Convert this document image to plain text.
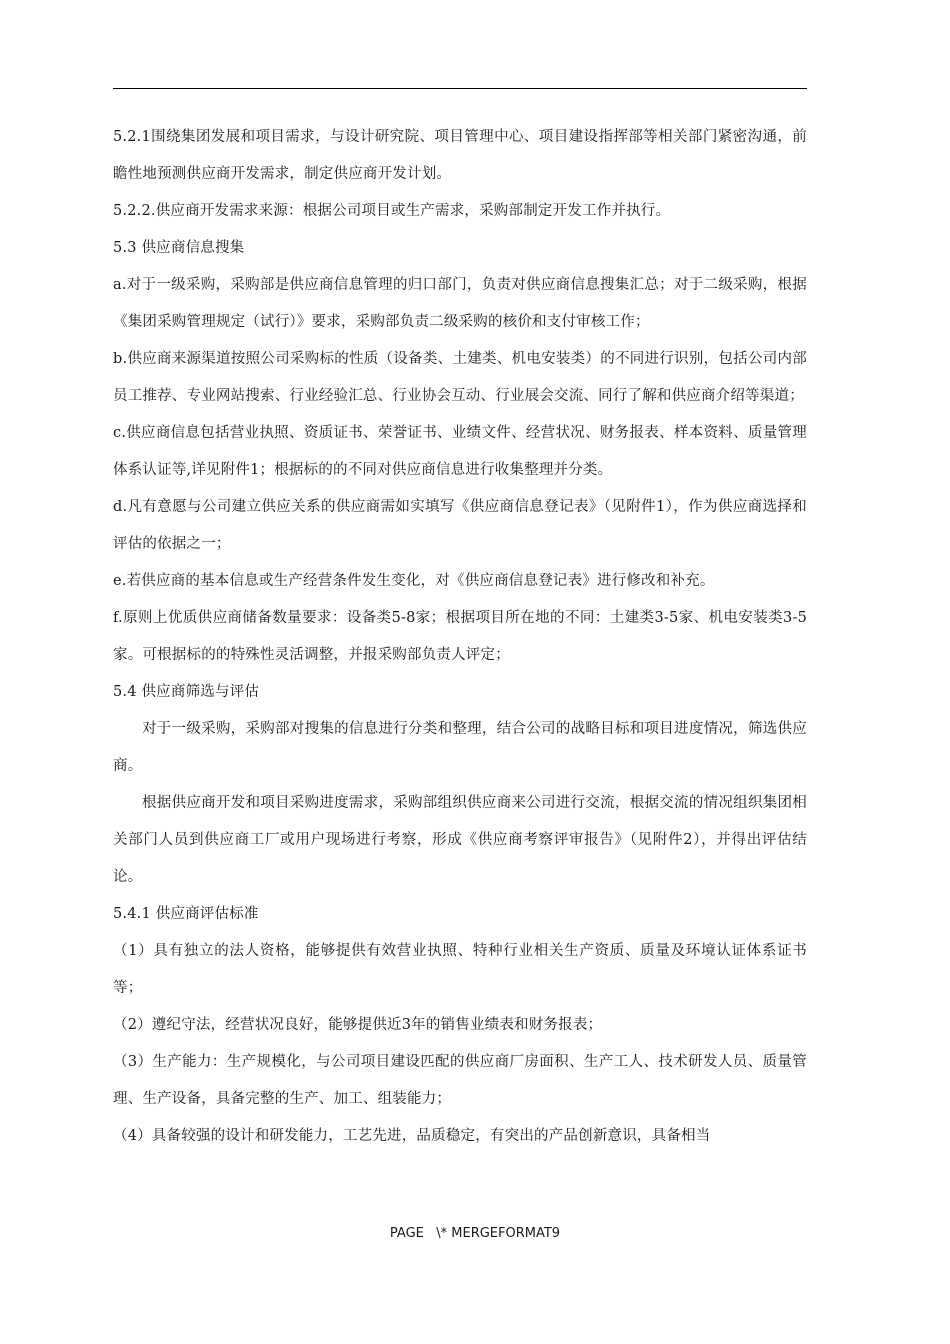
5.2.1围绕集团发展和项目需求，与设计研究院、项目管理中心、项目建设指挥部等相关部门紧密沟通，前瞻性地预测供应商开发需求，制定供应商开发计划。

5.2.2.供应商开发需求来源：根据公司项目或生产需求，采购部制定开发工作并执行。

5.3 供应商信息搜集

a.对于一级采购，采购部是供应商信息管理的归口部门，负责对供应商信息搜集汇总；对于二级采购，根据《集团采购管理规定（试行）》要求，采购部负责二级采购的核价和支付审核工作；

b.供应商来源渠道按照公司采购标的性质（设备类、土建类、机电安装类）的不同进行识别，包括公司内部员工推荐、专业网站搜索、行业经验汇总、行业协会互动、行业展会交流、同行了解和供应商介绍等渠道；

c.供应商信息包括营业执照、资质证书、荣誉证书、业绩文件、经营状况、财务报表、样本资料、质量管理体系认证等,详见附件1；根据标的的不同对供应商信息进行收集整理并分类。

d.凡有意愿与公司建立供应关系的供应商需如实填写《供应商信息登记表》（见附件1），作为供应商选择和评估的依据之一；

e.若供应商的基本信息或生产经营条件发生变化，对《供应商信息登记表》进行修改和补充。

f.原则上优质供应商储备数量要求：设备类5-8家；根据项目所在地的不同：土建类3-5家、机电安装类3-5家。可根据标的的特殊性灵活调整，并报采购部负责人评定；

5.4 供应商筛选与评估

对于一级采购，采购部对搜集的信息进行分类和整理，结合公司的战略目标和项目进度情况，筛选供应商。

根据供应商开发和项目采购进度需求，采购部组织供应商来公司进行交流，根据交流的情况组织集团相关部门人员到供应商工厂或用户现场进行考察，形成《供应商考察评审报告》（见附件2），并得出评估结论。

5.4.1 供应商评估标准

（1）具有独立的法人资格，能够提供有效营业执照、特种行业相关生产资质、质量及环境认证体系证书等；

（2）遵纪守法，经营状况良好，能够提供近3年的销售业绩表和财务报表；

（3）生产能力：生产规模化，与公司项目建设匹配的供应商厂房面积、生产工人、技术研发人员、质量管理、生产设备，具备完整的生产、加工、组装能力；

（4）具备较强的设计和研发能力，工艺先进，品质稳定，有突出的产品创新意识，具备相当

PAGE   \* MERGEFORMAT9
